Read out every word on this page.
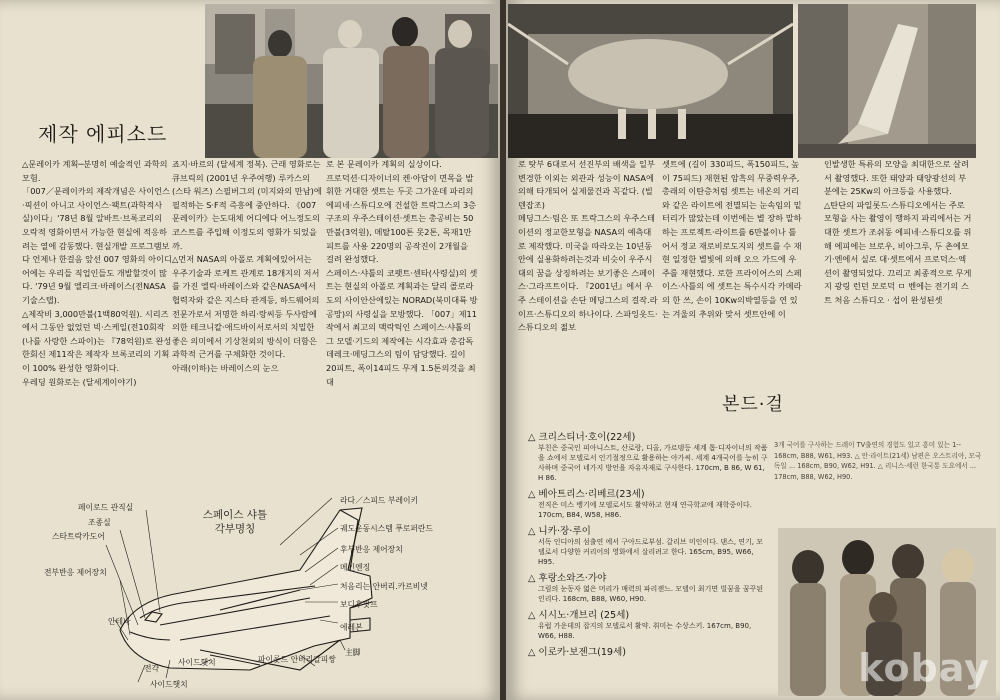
제작 에피소드

△문레이카 계획─분명히 예술적인 과학의 모험.

「007／문레이카의 제작개념은 사이언스·픽션이 아니고 사이언스·팩트(과학적사실)이다」'78년 8월 알바트·브록코리의 오락적 영화이면서 가능한 현실에 적응하려는 열에 감동했다. 현실개발 프로그램보다 언제나 한걸음 앞선 007 영화의 아이디어에는 우리들 직업인들도 개발할것이 많다. '79년 9월 엘리크·바레이스(전NASA기술스탭).

△제작비 3,000만불(1백80억원). 시리즈에서 그동안 없었던 빅·스케일(전10회작 (나를 사랑한 스파이)는 『78억원)로 완성한회신 제11작은 제작자 브록코리의 기획이 100% 완성한 영화이다.

우레딩 원화로는 (달세계이야기)

죠지·바르의 (달세계 정복). 근래 영화로는 큐브릭의 (2001년 우주여행) 루카스의 (스타 워즈) 스필버그의 (미지와의 만남)에 필적하는 S·F적 즉흥에 중안하다. 《007 문레이카》는도대체 어디에다 어느정도의 코스트를 주입해 이정도의 영화가 되었을까.

△먼저 NASA의 아폴로 계획에있어서는 우주기술과 로케트 관계로 18개지의 저서를 가진 엘릭·바레이스와 같은NASA에서 협력자와 같은 지스타 관계등, 하드웨어의 전문가로서 저명한 하리·랑씨등 두사람에 의한 테크니칼·애드바이서로서의 치밀한 좋은 의미에서 기상천외의 방식이 더함은 과학적 근거를 구체화한 것이다.

아래(이하)는 바레이스의 눈으

로 본 문레이카 계획의 실상이다.

프로덕션·디자이너의 켄·아담이 면목을 발휘한 거대한 셋트는 두곳 그가운데 파리의 에피네·스튜디오에 건설한 트락그스의 3층구조의 우주스테이션·셋트는 총공비는 50만불(3억원), 메탈100톤 못2톤, 목재1만피트를 사용 220명의 공작진이 2개월을 걸려 완성했다.

스페이스·샤틀의 코팻트·센타(사령실)의 셋트는 현실의 아폴로 계획과는 달리 콜로라도의 사이안산에있는 NORAD(북미대륙 방공망)의 사령실을 모방했다. 「007」제11작에서 최고의 맥락틱인 스페이스·샤톨의 그 모델·기드의 제작에는 시각효과 총감독 데레크·메딩그스의 팀이 담당했다. 길이 20피트, 폭이14피드 무게 1.5톤의것을 최대

스페이스 샤틀
각부명칭
페이로드 관직실
조종실
스타트락카도어
전부반응 제어장치
안테나
전각
사이드햇치
라다／스피드 부레이키
궤도운동시스템 푸로퍼란드
후부반응 제어장치
메인엔징
처음리는 안버리.카르비넷
보디후팟프
에레본
主脚
사이드햇치	파이롯드 안비리칼피쌍

로 탓부 6대로서 선진부의 배색을 일부 변경한 이외는 외관과 성능이 NASA에 의해 타개되어 실제물건과 꼭같다. (빌덴잡조)

메딩그스·팀은 또 트락그스의 우주스테이션의 정교한모형을 NASA의 예측대로 제작했다. 미국을 따라오는 10년동안에 실용화하려는것과 비슷이 우주시대의 꿈을 상징하려는 보기좋은 스페이스·그라프트이다. 『2001년』에서 우주 스테이션을 손단 메딩그스의 걸작.라이프·스튜디오의 하나이다. 스파잉옷드·스튜디오의 젊보

셋트에 (길이 330피드, 폭150피드, 높이 75피드) 재현된 암흑의 무중력우주, 총래의 이탄층처럼 셋트는 네온의 거리와 같은 라이트에 전멸되는 눈속임의 밑터리가 많았는데 이번에는 별 장하 말하하는 프로젝트·라이트를 6만볼이나 틀어서 정교 재로비로도지의 셋트를 수 재 현 일정한 별빛에 의해 오으 가드에 우주를 재현했다. 로한 프라이어스의 스페이스·사틀의 에 셋트는 특수시각 카메라 의 한 쓰, 손이 10Kw의박열등을 연 있는 겨울의 추위와 맞서 셋트안에 이

인발생한 특류의 모양을 최대한으로 살려서 촬영했다. 또한 태양과 태양광선의 부분에는 25Kw의 아크등을 사용했다.

△탄단의 파일롯드·스튜디오에서는 주로 모형을 사는 촬영이 행하지 파리에서는 거대한 셋트가 조쉬동 에피네·스튜디오를 위해 에피에는 브로우, 비아그루, 두 촌에모기·엔에서 실로 대·셋트에서 프로덕스·엑션이 촬영되었다. 끄리고 최종적으로 무게지 광링 런던 모로덕 ㅁ 벤에는 전기의 스트 처음 스튜디오 · 섭이 완성된셋

본드·걸
△ 크리스티너·호이(22세)
부친은 중국인 피아니스트, 산로랑, 디올, 가르뎅등 세계 톱·디자이너의 작품을 쇼에서 모델로서 인기절정으로 활용하는 아가씨. 세계 4개국어를 능히 구사하며 중국어 네가지 방언을 자유자재로 구사한다. 170cm, B 86, W 61, H 86.
△ 베아트리스·리베르(23세)
전직은 미스 뱅기에 모델로서도 활약하고 현재 연극학교에 재학중이다. 170cm, B84, W58, H86.
△ 니카·장·루이
서독 인디아의 섬출연 에서 구아드로부섬. 갈리브 미인이다. 댄스, 연기, 모델로서 다양한 커리어의 영화에서 살리려고 한다. 165cm, B95, W66, H95.
△ 후랑소와즈·가야
그림의 눈동자 엷은 머리가 매력의 파리젠느. 모델이 최기면 빌꿈을 꿈꾸된 인리다. 168cm, B88, W60, H90.
△ 시시노·개브리 (25세)
유럽 가운데의 잡지의 모델로서 활약. 취미는 수상스키. 167cm, B90, W66, H88.
△ 이로카·보젠그(19세)
3개 국어를 구사하는 드레이 TV출연의 경험도 있고 흥미 있는 1-- 168cm, B88, W61, H93. △ 안·라이트(21세) 남편은 오스트리아, 모국 독일 ... 168cm, B90, W62, H91. △ 리니스·세런 한국통 도요에서 ... 178cm, B88, W62, H90.
kobay
